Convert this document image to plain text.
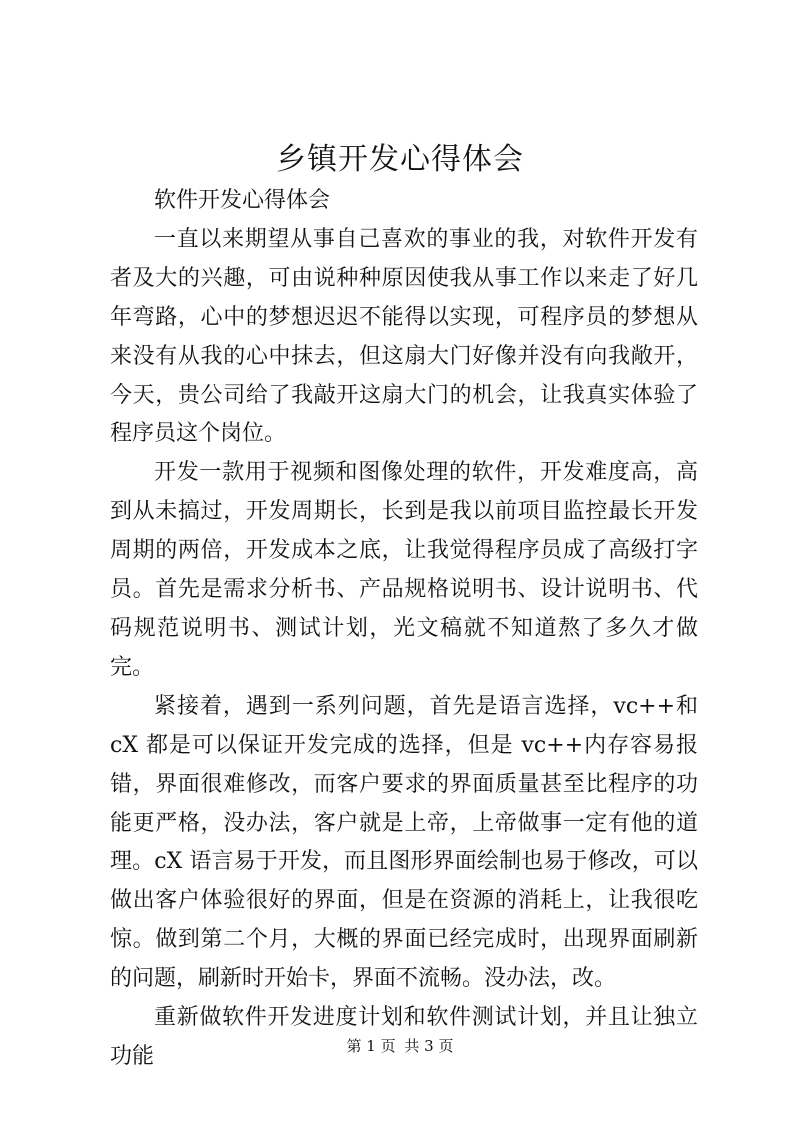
乡镇开发心得体会

软件开发心得体会

一直以来期望从事自己喜欢的事业的我，对软件开发有者及大的兴趣，可由说种种原因使我从事工作以来走了好几年弯路，心中的梦想迟迟不能得以实现，可程序员的梦想从来没有从我的心中抹去，但这扇大门好像并没有向我敞开，今天，贵公司给了我敲开这扇大门的机会，让我真实体验了程序员这个岗位。

开发一款用于视频和图像处理的软件，开发难度高，高到从未搞过，开发周期长，长到是我以前项目监控最长开发周期的两倍，开发成本之底，让我觉得程序员成了高级打字员。首先是需求分析书、产品规格说明书、设计说明书、代码规范说明书、测试计划，光文稿就不知道熬了多久才做完。

紧接着，遇到一系列问题，首先是语言选择，vc++和 cX 都是可以保证开发完成的选择，但是 vc++内存容易报错，界面很难修改，而客户要求的界面质量甚至比程序的功能更严格，没办法，客户就是上帝，上帝做事一定有他的道理。cX 语言易于开发，而且图形界面绘制也易于修改，可以做出客户体验很好的界面，但是在资源的消耗上，让我很吃惊。做到第二个月，大概的界面已经完成时，出现界面刷新的问题，刷新时开始卡，界面不流畅。没办法，改。

重新做软件开发进度计划和软件测试计划，并且让独立功能	第 1 页 共 3 页
